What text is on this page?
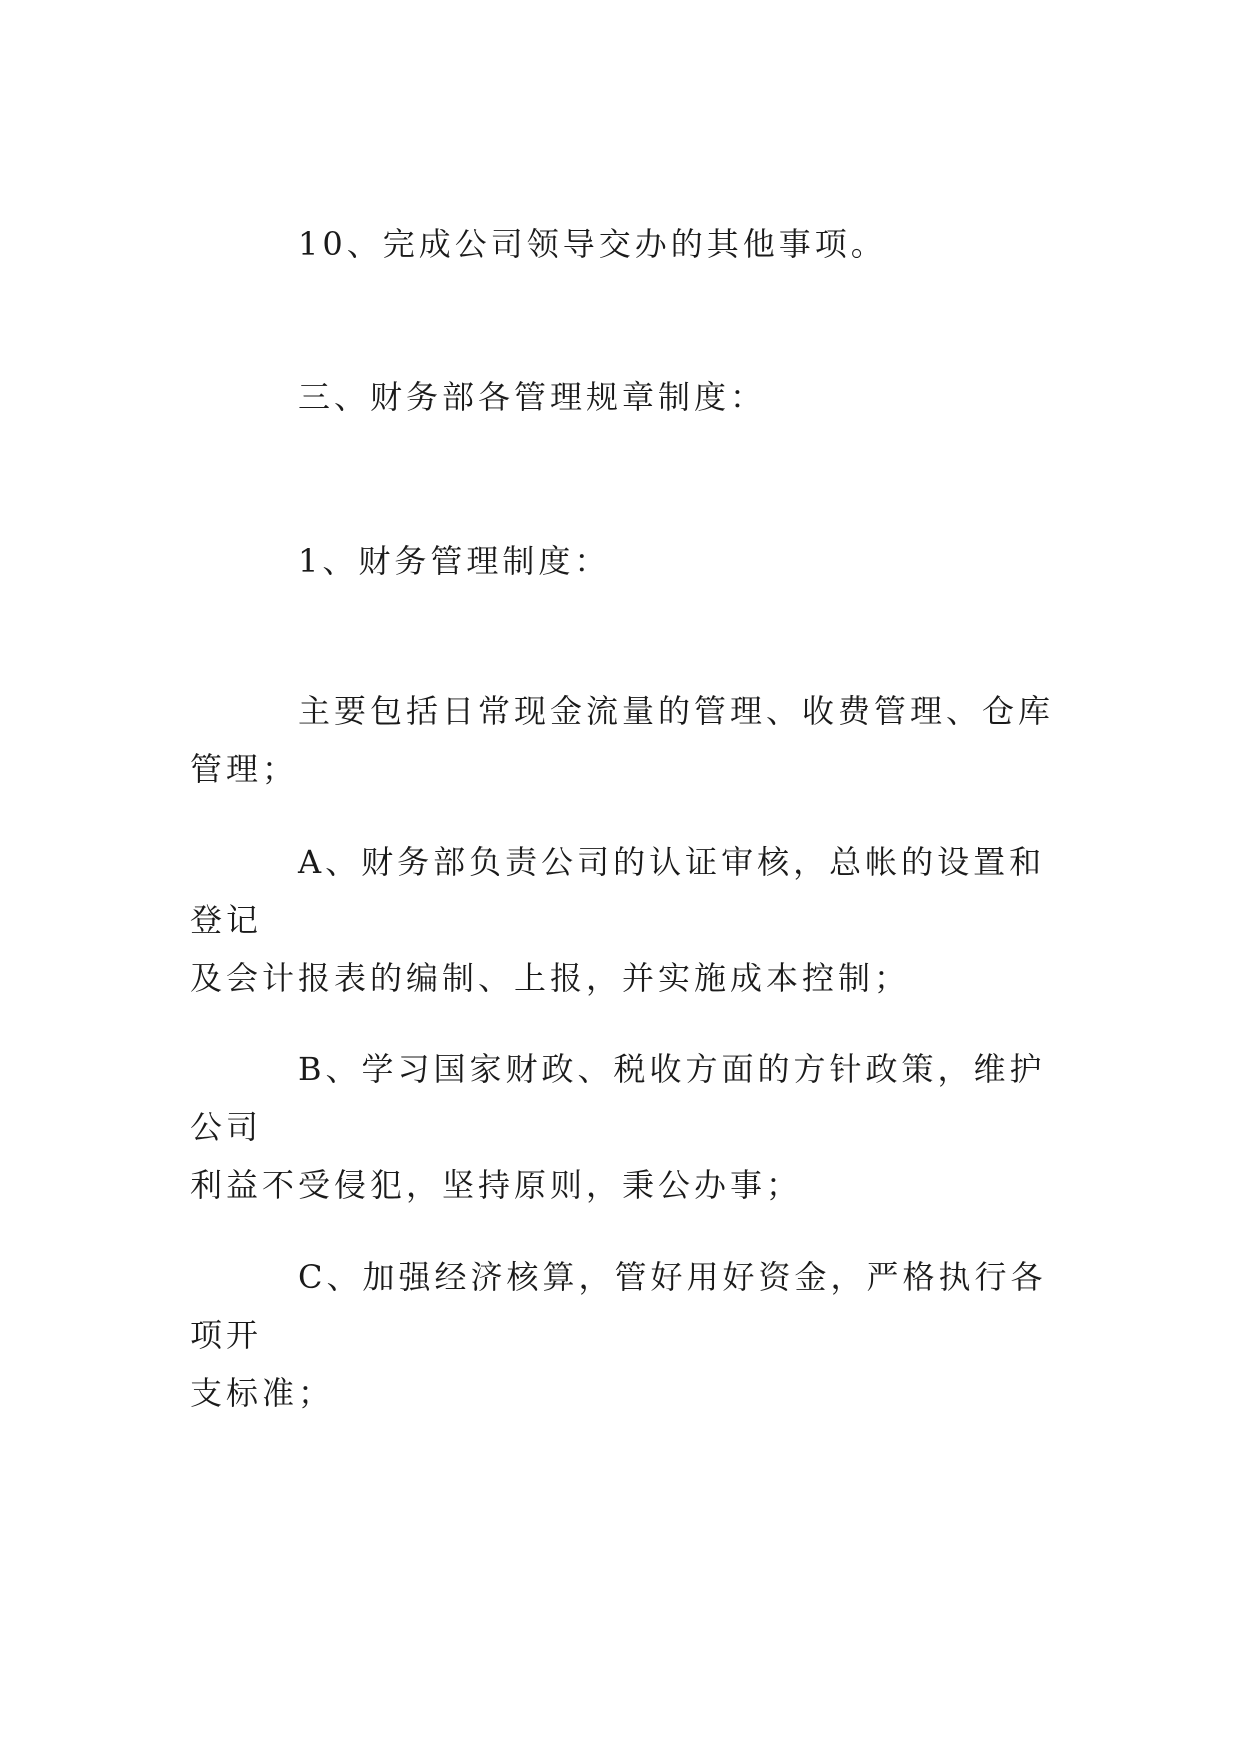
10、完成公司领导交办的其他事项。

三、财务部各管理规章制度：

1、财务管理制度：

主要包括日常现金流量的管理、收费管理、仓库管理；

A、财务部负责公司的认证审核，总帐的设置和登记
及会计报表的编制、上报，并实施成本控制；

B、学习国家财政、税收方面的方针政策，维护公司
利益不受侵犯，坚持原则，秉公办事；

C、加强经济核算，管好用好资金，严格执行各项开
支标准；
